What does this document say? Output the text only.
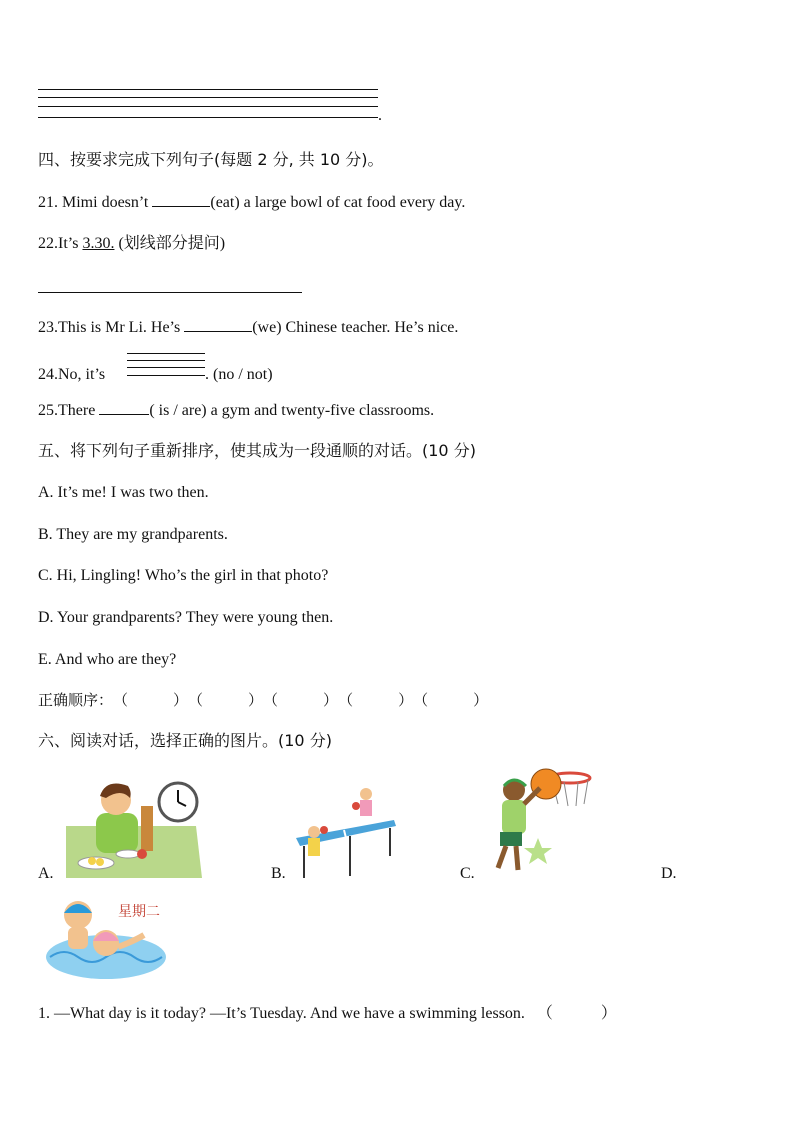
.
四、按要求完成下列句子(每题 2 分, 共 10 分)。
21. Mimi doesn’t	(eat) a large bowl of cat food every day.
22.It’s 3.30. (划线部分提问)
23.This is Mr Li. He’s	(we) Chinese teacher. He’s nice.
24.No, it’s	. (no / not)
25.There	( is / are) a gym and twenty-five classrooms.
五、将下列句子重新排序，使其成为一段通顺的对话。(10 分)
A. It’s me! I was two then.
B. They are my grandparents.
C. Hi, Lingling! Who’s the girl in that photo?
D. Your grandparents? They were young then.
E. And who are they?
正确顺序：（　　　）（　　　）（　　　）（　　　）（　　　）
六、阅读对话，选择正确的图片。(10 分)
A.	B.	C.	D.
星期二
1. —What day is it today? —It’s Tuesday. And we have a swimming lesson. （　　　）
